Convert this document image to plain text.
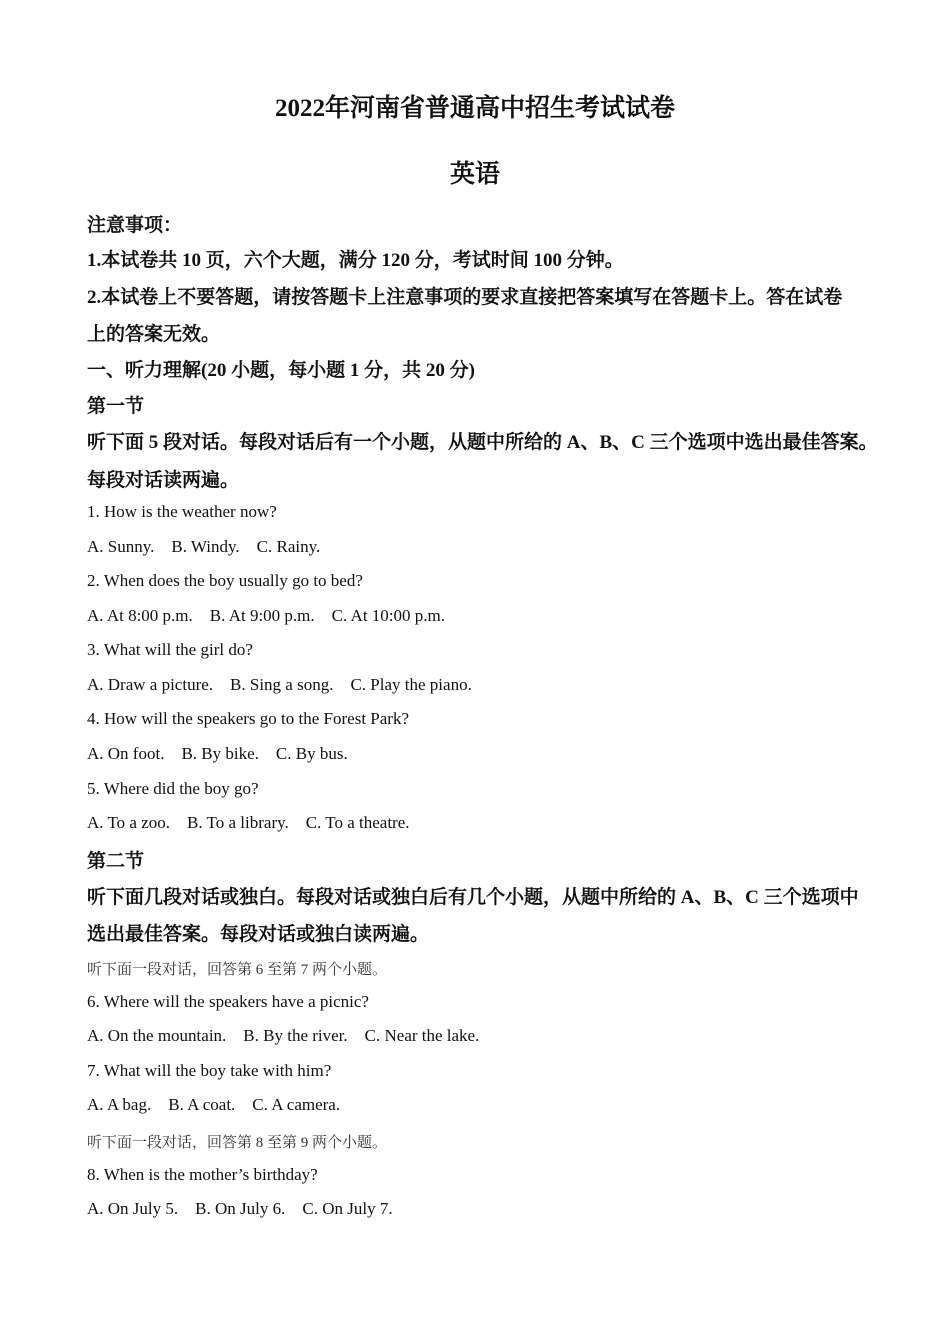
2022年河南省普通高中招生考试试卷
英语
注意事项：
1.本试卷共 10 页，六个大题，满分 120 分，考试时间 100 分钟。
2.本试卷上不要答题，请按答题卡上注意事项的要求直接把答案填写在答题卡上。答在试卷
上的答案无效。
一、听力理解(20 小题，每小题 1 分，共 20 分)
第一节
听下面 5 段对话。每段对话后有一个小题，从题中所给的 A、B、C 三个选项中选出最佳答案。
每段对话读两遍。
1. How is the weather now?
A. Sunny. B. Windy. C. Rainy.
2. When does the boy usually go to bed?
A. At 8:00 p.m. B. At 9:00 p.m. C. At 10:00 p.m.
3. What will the girl do?
A. Draw a picture. B. Sing a song. C. Play the piano.
4. How will the speakers go to the Forest Park?
A. On foot. B. By bike. C. By bus.
5. Where did the boy go?
A. To a zoo. B. To a library. C. To a theatre.
第二节
听下面几段对话或独白。每段对话或独白后有几个小题，从题中所给的 A、B、C 三个选项中
选出最佳答案。每段对话或独白读两遍。
听下面一段对话，回答第 6 至第 7 两个小题。
6. Where will the speakers have a picnic?
A. On the mountain. B. By the river. C. Near the lake.
7. What will the boy take with him?
A. A bag. B. A coat. C. A camera.
听下面一段对话，回答第 8 至第 9 两个小题。
8. When is the mother’s birthday?
A. On July 5. B. On July 6. C. On July 7.
